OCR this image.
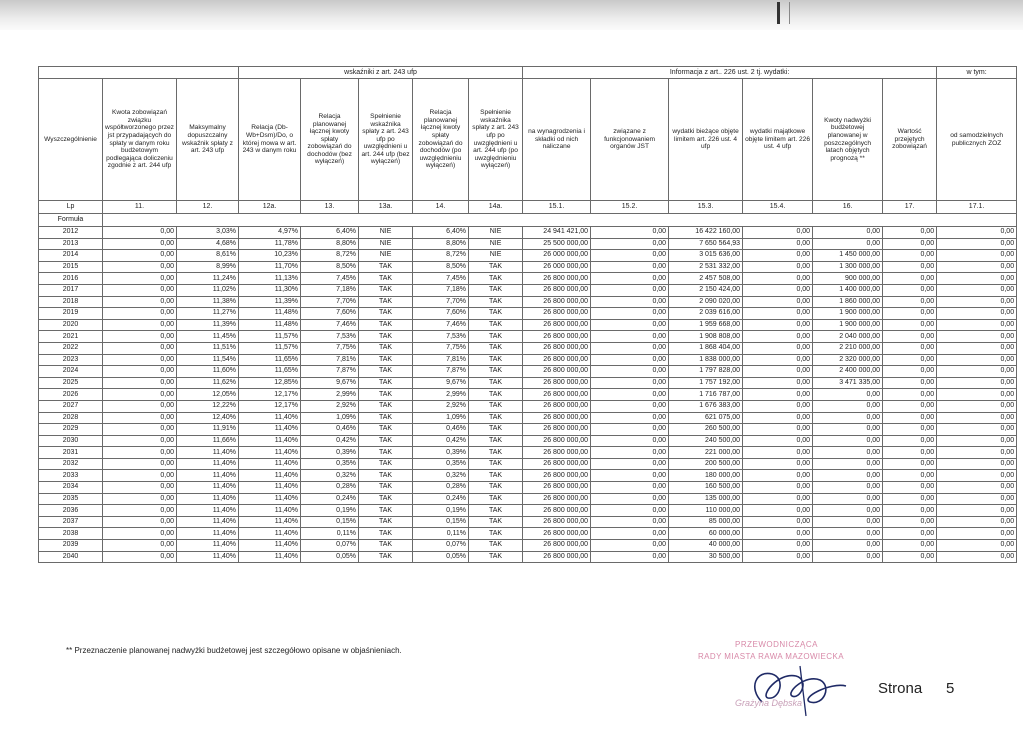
			wskaźniki z art. 243 ufp					Informacja z art.. 226 ust. 2 tj. wydatki:						w tym:
Wyszczególnienie	Kwota zobowiązań związku współtworzonego przez jst przypadających do spłaty w danym roku budżetowym podlegająca doliczeniu zgodnie z art. 244 ufp	Maksymalny dopuszczalny wskaźnik spłaty z art. 243 ufp	Relacja (Db-Wb+Dsm)/Do, o której mowa w art. 243 w danym roku	Relacja planowanej łącznej kwoty spłaty zobowiązań do dochodów (bez wyłączeń)	Spełnienie wskaźnika spłaty z art. 243 ufp po uwzględnieni u art. 244 ufp (bez wyłączeń)	Relacja planowanej łącznej kwoty spłaty zobowiązań do dochodów (po uwzględnieniu wyłączeń)	Spełnienie wskaźnika spłaty z art. 243 ufp po uwzględnieni u art. 244 ufp (po uwzględnieniu wyłączeń)	na wynagrodzenia i składki od nich naliczane	związane z funkcjonowaniem organów JST	wydatki bieżące objęte limitem art. 226 ust. 4 ufp	wydatki majątkowe objęte limitem art. 226 ust. 4 ufp	Kwoty nadwyżki budżetowej planowanej w poszczególnych latach objętych prognozą **	Wartość przejętych zobowiązań	od samodzielnych publicznych ZOZ
Lp	11.	12.	12a.	13.	13a.	14.	14a.	15.1.	15.2.	15.3.	15.4.	16.	17.	17.1.
Formuła														
2012	0,00	3,03%	4,97%	6,40%	NIE	6,40%	NIE	24 941 421,00	0,00	16 422 160,00	0,00	0,00	0,00	0,00
2013	0,00	4,68%	11,78%	8,80%	NIE	8,80%	NIE	25 500 000,00	0,00	7 650 564,93	0,00	0,00	0,00	0,00
2014	0,00	8,61%	10,23%	8,72%	NIE	8,72%	NIE	26 000 000,00	0,00	3 015 636,00	0,00	1 450 000,00	0,00	0,00
2015	0,00	8,99%	11,70%	8,50%	TAK	8,50%	TAK	26 000 000,00	0,00	2 531 332,00	0,00	1 300 000,00	0,00	0,00
2016	0,00	11,24%	11,13%	7,45%	TAK	7,45%	TAK	26 800 000,00	0,00	2 457 508,00	0,00	900 000,00	0,00	0,00
2017	0,00	11,02%	11,30%	7,18%	TAK	7,18%	TAK	26 800 000,00	0,00	2 150 424,00	0,00	1 400 000,00	0,00	0,00
2018	0,00	11,38%	11,39%	7,70%	TAK	7,70%	TAK	26 800 000,00	0,00	2 090 020,00	0,00	1 860 000,00	0,00	0,00
2019	0,00	11,27%	11,48%	7,60%	TAK	7,60%	TAK	26 800 000,00	0,00	2 039 616,00	0,00	1 900 000,00	0,00	0,00
2020	0,00	11,39%	11,48%	7,46%	TAK	7,46%	TAK	26 800 000,00	0,00	1 959 668,00	0,00	1 900 000,00	0,00	0,00
2021	0,00	11,45%	11,57%	7,53%	TAK	7,53%	TAK	26 800 000,00	0,00	1 908 808,00	0,00	2 040 000,00	0,00	0,00
2022	0,00	11,51%	11,57%	7,75%	TAK	7,75%	TAK	26 800 000,00	0,00	1 868 404,00	0,00	2 210 000,00	0,00	0,00
2023	0,00	11,54%	11,65%	7,81%	TAK	7,81%	TAK	26 800 000,00	0,00	1 838 000,00	0,00	2 320 000,00	0,00	0,00
2024	0,00	11,60%	11,65%	7,87%	TAK	7,87%	TAK	26 800 000,00	0,00	1 797 828,00	0,00	2 400 000,00	0,00	0,00
2025	0,00	11,62%	12,85%	9,67%	TAK	9,67%	TAK	26 800 000,00	0,00	1 757 192,00	0,00	3 471 335,00	0,00	0,00
2026	0,00	12,05%	12,17%	2,99%	TAK	2,99%	TAK	26 800 000,00	0,00	1 716 787,00	0,00	0,00	0,00	0,00
2027	0,00	12,22%	12,17%	2,92%	TAK	2,92%	TAK	26 800 000,00	0,00	1 676 383,00	0,00	0,00	0,00	0,00
2028	0,00	12,40%	11,40%	1,09%	TAK	1,09%	TAK	26 800 000,00	0,00	621 075,00	0,00	0,00	0,00	0,00
2029	0,00	11,91%	11,40%	0,46%	TAK	0,46%	TAK	26 800 000,00	0,00	260 500,00	0,00	0,00	0,00	0,00
2030	0,00	11,66%	11,40%	0,42%	TAK	0,42%	TAK	26 800 000,00	0,00	240 500,00	0,00	0,00	0,00	0,00
2031	0,00	11,40%	11,40%	0,39%	TAK	0,39%	TAK	26 800 000,00	0,00	221 000,00	0,00	0,00	0,00	0,00
2032	0,00	11,40%	11,40%	0,35%	TAK	0,35%	TAK	26 800 000,00	0,00	200 500,00	0,00	0,00	0,00	0,00
2033	0,00	11,40%	11,40%	0,32%	TAK	0,32%	TAK	26 800 000,00	0,00	180 000,00	0,00	0,00	0,00	0,00
2034	0,00	11,40%	11,40%	0,28%	TAK	0,28%	TAK	26 800 000,00	0,00	160 500,00	0,00	0,00	0,00	0,00
2035	0,00	11,40%	11,40%	0,24%	TAK	0,24%	TAK	26 800 000,00	0,00	135 000,00	0,00	0,00	0,00	0,00
2036	0,00	11,40%	11,40%	0,19%	TAK	0,19%	TAK	26 800 000,00	0,00	110 000,00	0,00	0,00	0,00	0,00
2037	0,00	11,40%	11,40%	0,15%	TAK	0,15%	TAK	26 800 000,00	0,00	85 000,00	0,00	0,00	0,00	0,00
2038	0,00	11,40%	11,40%	0,11%	TAK	0,11%	TAK	26 800 000,00	0,00	60 000,00	0,00	0,00	0,00	0,00
2039	0,00	11,40%	11,40%	0,07%	TAK	0,07%	TAK	26 800 000,00	0,00	40 000,00	0,00	0,00	0,00	0,00
2040	0,00	11,40%	11,40%	0,05%	TAK	0,05%	TAK	26 800 000,00	0,00	30 500,00	0,00	0,00	0,00	0,00
** Przeznaczenie planowanej nadwyżki budżetowej jest szczegółowo opisane w objaśnieniach.
PRZEWODNICZĄCA
RADY MIASTA RAWA MAZOWIECKA
Grażyna Dębska
Strona 5
